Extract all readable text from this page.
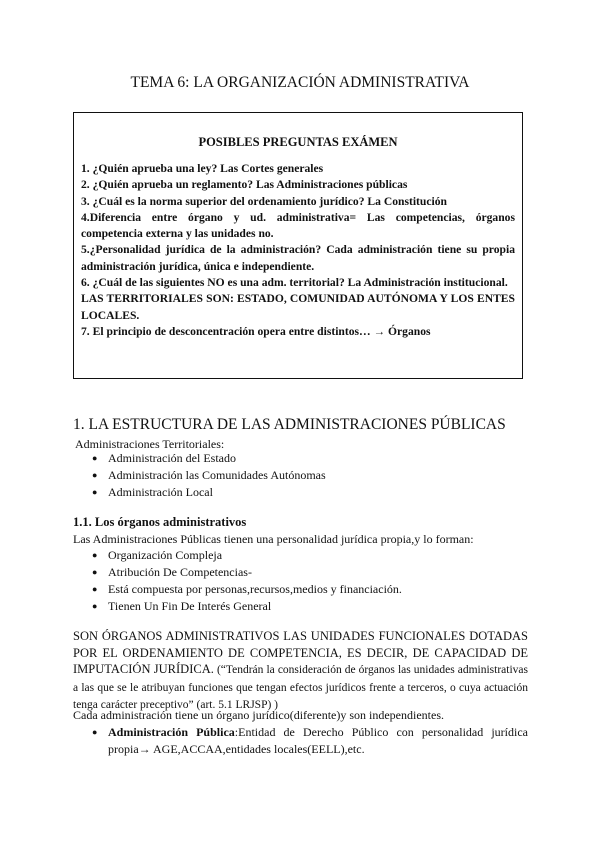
TEMA 6: LA ORGANIZACIÓN ADMINISTRATIVA

POSIBLES PREGUNTAS EXÁMEN

1. ¿Quién aprueba una ley? Las Cortes generales

2. ¿Quién aprueba un reglamento? Las Administraciones públicas

3. ¿Cuál es la norma superior del ordenamiento jurídico? La Constitución

4.Diferencia entre órgano y ud. administrativa= Las competencias, órganos competencia externa y las unidades no.

5.¿Personalidad jurídica de la administración? Cada administración tiene su propia administración jurídica, única e independiente.

6. ¿Cuál de las siguientes NO es una adm. territorial? La Administración institucional.

LAS TERRITORIALES SON: ESTADO, COMUNIDAD AUTÓNOMA Y LOS ENTES LOCALES.

7. El principio de desconcentración opera entre distintos… → Órganos

1. LA ESTRUCTURA DE LAS ADMINISTRACIONES PÚBLICAS

Administraciones Territoriales:

● Administración del Estado
● Administración las Comunidades Autónomas
● Administración Local
1.1. Los órganos administrativos

Las Administraciones Públicas tienen una personalidad jurídica propia,y lo forman:

● Organización Compleja
● Atribución De Competencias-
● Está compuesta por personas,recursos,medios y financiación.
● Tienen Un Fin De Interés General

SON ÓRGANOS ADMINISTRATIVOS LAS UNIDADES FUNCIONALES DOTADAS POR EL ORDENAMIENTO DE COMPETENCIA, ES DECIR, DE CAPACIDAD DE IMPUTACIÓN JURÍDICA. (“Tendrán la consideración de órganos las unidades administrativas a las que se le atribuyan funciones que tengan efectos jurídicos frente a terceros, o cuya actuación tenga carácter preceptivo” (art. 5.1 LRJSP) )

Cada administración tiene un órgano jurídico(diferente)y son independientes.

● Administración Pública:Entidad de Derecho Público con personalidad jurídica propia→ AGE,ACCAA,entidades locales(EELL),etc.
